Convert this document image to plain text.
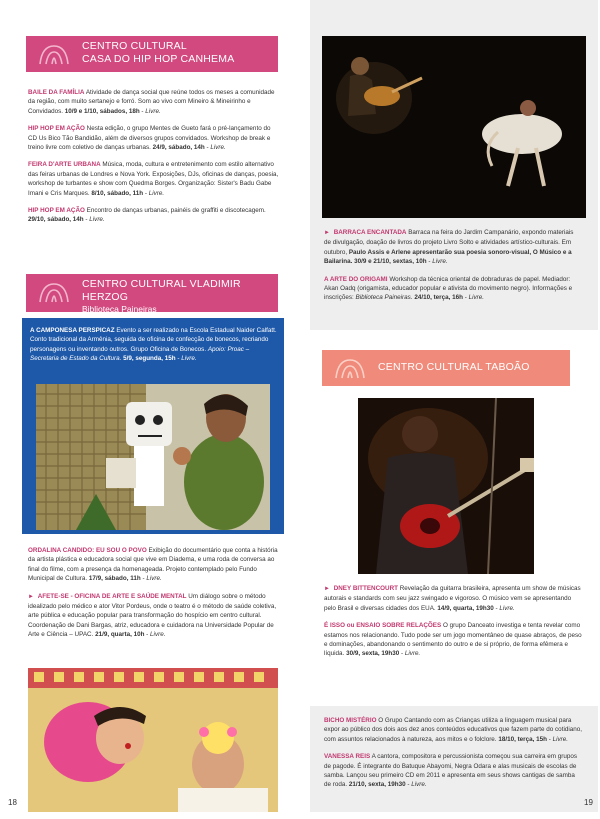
CENTRO CULTURAL
CASA DO HIP HOP CANHEMA

BAILE DA FAMÍLIA Atividade de dança social que reúne todos os meses a comunidade da região, com muito sertanejo e forró. Som ao vivo com Mineiro & Mineirinho e Convidados. 10/9 e 1/10, sábados, 18h - Livre.

HIP HOP EM AÇÃO Nesta edição, o grupo Mentes de Gueto fará o pré-lançamento do CD Us Bico Tão Bandidão, além de diversos grupos convidados. Workshop de break e treino livre com coletivo de danças urbanas. 24/9, sábado, 14h - Livre.

FEIRA D'ARTE URBANA Música, moda, cultura e entretenimento com estilo alternativo das feiras urbanas de Londres e Nova York. Exposições, DJs, oficinas de danças, poesia, workshop de turbantes e show com Quedma Borges. Organização: Sister's Badu Gabe Imani e Cris Marques. 8/10, sábado, 11h - Livre.

HIP HOP EM AÇÃO Encontro de danças urbanas, painéis de graffiti e discotecagem. 29/10, sábado, 14h - Livre.

CENTRO CULTURAL VLADIMIR HERZOG
Biblioteca Paineiras

A CAMPONESA PERSPICAZ Evento a ser realizado na Escola Estadual Naider Calfatt. Conto tradicional da Armênia, seguida de oficina de confecção de bonecos, recriando personagens ou inventando outros. Grupo Oficina de Bonecos. Apoio: Proac – Secretaria de Estado da Cultura. 5/9, segunda, 15h - Livre.

ORDALINA CANDIDO: EU SOU O POVO Exibição do documentário que conta a história da artista plástica e educadora social que vive em Diadema, e uma roda de conversa ao final do filme, com a presença da homenageada. Projeto contemplado pelo Fundo Municipal de Cultura. 17/9, sábado, 11h - Livre.

► AFETE-SE - OFICINA DE ARTE E SAÚDE MENTAL Um diálogo sobre o método idealizado pelo médico e ator Vitor Pordeus, onde o teatro é o método de saúde coletiva, arte pública e educação popular para transformação do hospício em centro cultural. Coordenação de Dani Bargas, atriz, educadora e cuidadora na Universidade Popular de Arte e Ciência – UPAC. 21/9, quarta, 10h - Livre.

18

► BARRACA ENCANTADA Barraca na feira do Jardim Campanário, expondo materiais de divulgação, doação de livros do projeto Livro Solto e atividades artístico-culturais. Em outubro, Paulo Assis e Arlene apresentarão sua poesia sonoro-visual, O Músico e a Bailarina. 30/9 e 21/10, sextas, 10h - Livre.

A ARTE DO ORIGAMI Workshop da técnica oriental de dobraduras de papel. Mediador: Akan Oadq (origamista, educador popular e ativista do movimento negro). Informações e inscrições: Biblioteca Paineiras. 24/10, terça, 16h - Livre.

CENTRO CULTURAL TABOÃO

► DNEY BITTENCOURT Revelação da guitarra brasileira, apresenta um show de músicas autorais e standards com seu jazz swingado e vigoroso. O músico vem se apresentando pelo Brasil e diversas cidades dos EUA. 14/9, quarta, 19h30 - Livre.

É ISSO ou ENSAIO SOBRE RELAÇÕES O grupo Danceato investiga e tenta revelar como estamos nos relacionando. Tudo pode ser um jogo momentâneo de quase abraços, de peso e dominações, abandonando o sentimento do outro e de si próprio, de forma efêmera e líquida. 30/9, sexta, 19h30 - Livre.

BICHO MISTÉRIO O Grupo Cantando com as Crianças utiliza a linguagem musical para expor ao público dos dois aos dez anos conteúdos educativos que fazem parte do cotidiano, com assuntos relacionados à natureza, aos mitos e o folclore. 18/10, terça, 15h - Livre.

VANESSA REIS A cantora, compositora e percussionista começou sua carreira em grupos de pagode. É integrante do Batuque Abayomi, Negra Odara e alas musicais de escolas de samba. Lançou seu primeiro CD em 2011 e apresenta em seus shows cantigas de samba de roda. 21/10, sexta, 19h30 - Livre.

19
